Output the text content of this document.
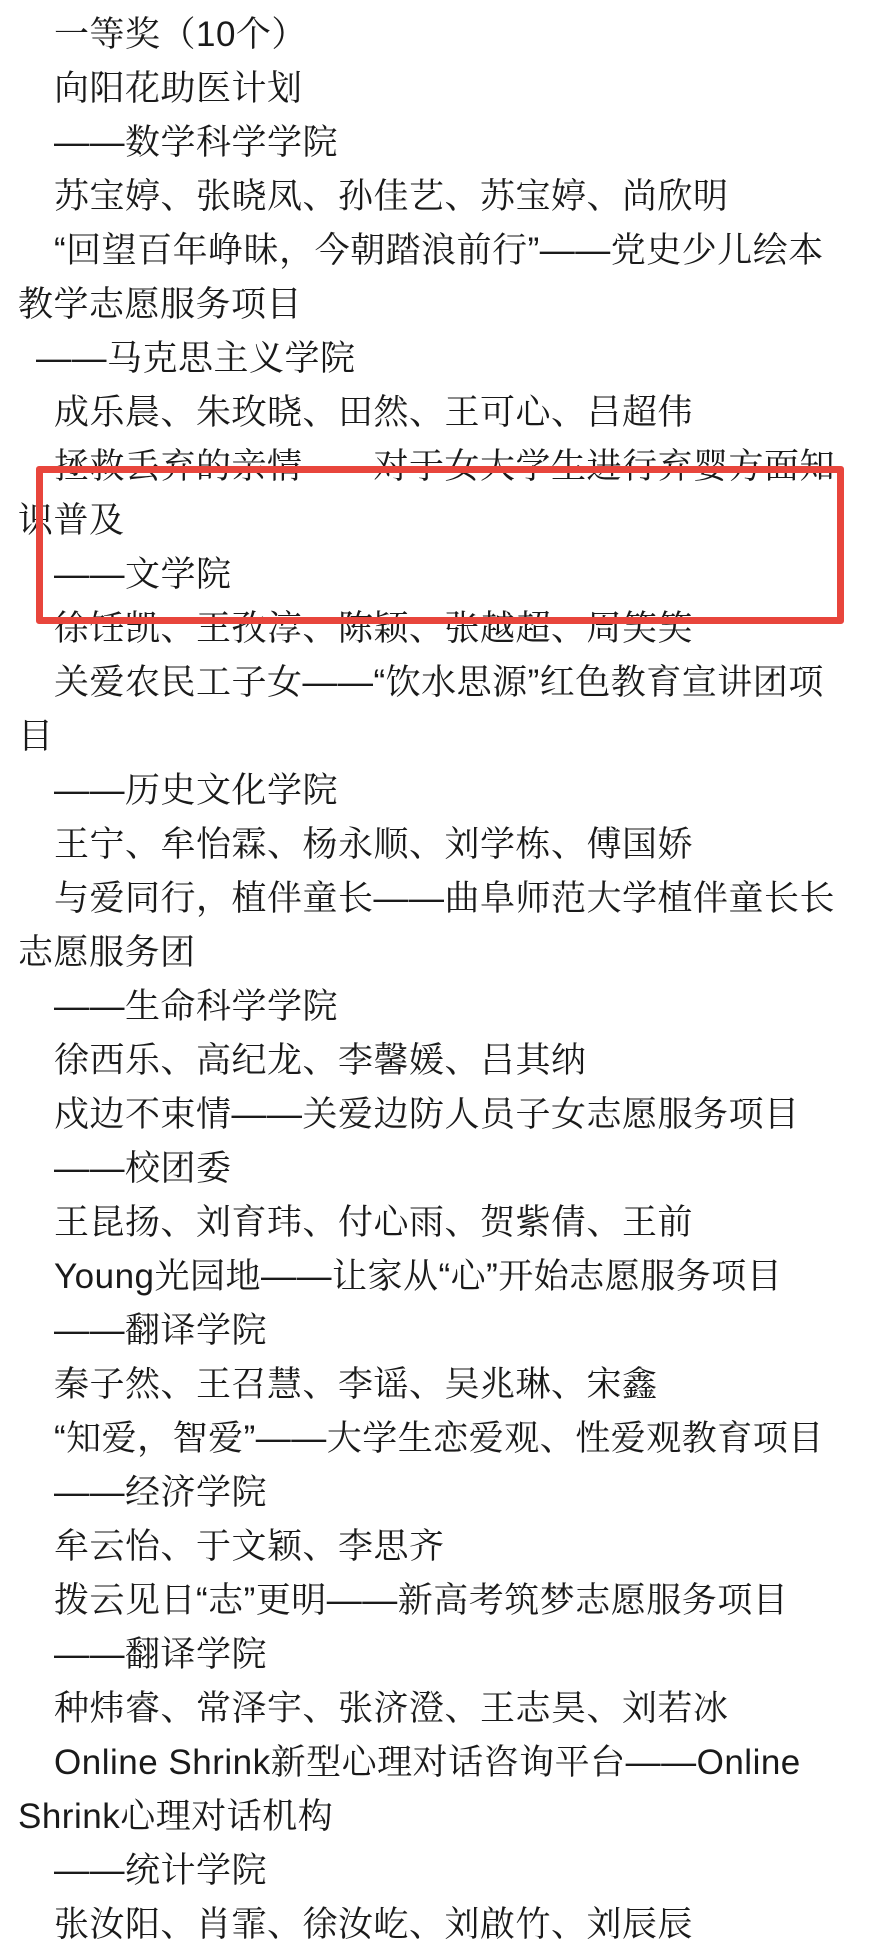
一等奖（10个）
向阳花助医计划
——数学科学学院
苏宝婷、张晓凤、孙佳艺、苏宝婷、尚欣明
“回望百年峥昧，今朝踏浪前行”——党史少儿绘本教学志愿服务项目
——马克思主义学院
成乐晨、朱玫晓、田然、王可心、吕超伟
拯救丢弃的亲情——对于女大学生进行弃婴方面知识普及
——文学院
徐饪凯、王孜淳、陈颖、张越超、周笑笑
关爱农民工子女——“饮水思源”红色教育宣讲团项目
——历史文化学院
王宁、牟怡霖、杨永顺、刘学栋、傅国娇
与爱同行，植伴童长——曲阜师范大学植伴童长长志愿服务团
——生命科学学院
徐西乐、高纪龙、李馨媛、吕其纳
戍边不束情——关爱边防人员子女志愿服务项目
——校团委
王昆扬、刘育玮、付心雨、贺紫倩、王前
Young光园地——让家从“心”开始志愿服务项目
——翻译学院
秦子然、王召慧、李谣、吴兆琳、宋鑫
“知爱，智爱”——大学生恋爱观、性爱观教育项目
——经济学院
牟云怡、于文颖、李思齐
拨云见日“志”更明——新高考筑梦志愿服务项目
——翻译学院
种炜睿、常泽宇、张济澄、王志昊、刘若冰
Online Shrink新型心理对话咨询平台——Online Shrink心理对话机构
——统计学院
张汝阳、肖霏、徐汝屹、刘啟竹、刘辰辰
